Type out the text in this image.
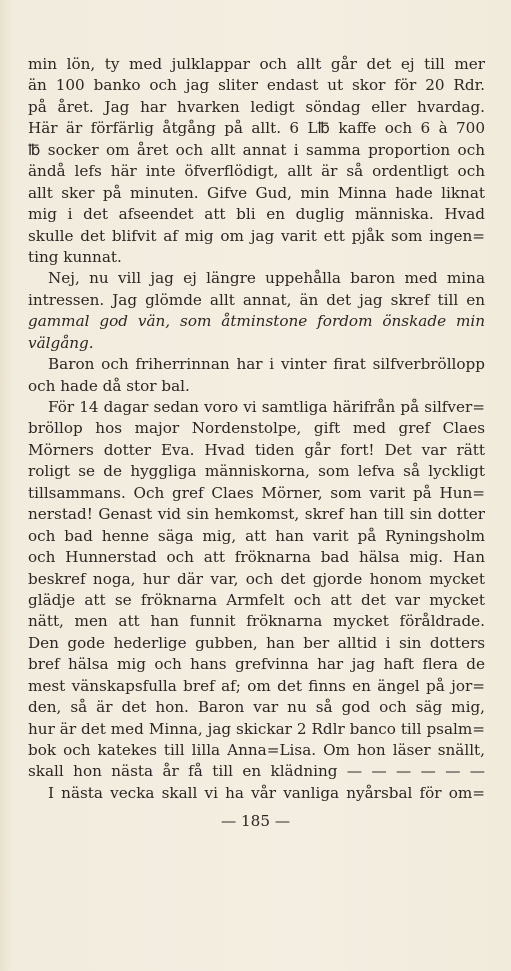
min lön, ty med julklappar och allt går det ej till mer
än 100 banko och jag sliter endast ut skor för 20 Rdr.
på året. Jag har hvarken ledigt söndag eller hvardag.
Här är förfärlig åtgång på allt. 6 L℔ kaffe och 6 à 700
℔ socker om året och allt annat i samma proportion och
ändå lefs här inte öfverflödigt, allt är så ordentligt och
allt sker på minuten. Gifve Gud, min Minna hade liknat
mig i det afseendet att bli en duglig människa. Hvad
skulle det blifvit af mig om jag varit ett pjåk som ingen=
ting kunnat.
Nej, nu vill jag ej längre uppehålla baron med mina
intressen. Jag glömde allt annat, än det jag skref till en
gammal god vän, som åtminstone fordom önskade min
välgång.
Baron och friherrinnan har i vinter firat silfverbröllopp
och hade då stor bal.
För 14 dagar sedan voro vi samtliga härifrån på silfver=
bröllop hos major Nordenstolpe, gift med gref Claes
Mörners dotter Eva. Hvad tiden går fort! Det var rätt
roligt se de hyggliga människorna, som lefva så lyckligt
tillsammans. Och gref Claes Mörner, som varit på Hun=
nerstad! Genast vid sin hemkomst, skref han till sin dotter
och bad henne säga mig, att han varit på Ryningsholm
och Hunnerstad och att fröknarna bad hälsa mig. Han
beskref noga, hur där var, och det gjorde honom mycket
glädje att se fröknarna Armfelt och att det var mycket
nätt, men att han funnit fröknarna mycket föråldrade.
Den gode hederlige gubben, han ber alltid i sin dotters
bref hälsa mig och hans grefvinna har jag haft flera de
mest vänskapsfulla bref af; om det finns en ängel på jor=
den, så är det hon. Baron var nu så god och säg mig,
hur är det med Minna, jag skickar 2 Rdlr banco till psalm=
bok och katekes till lilla Anna=Lisa. Om hon läser snällt,
skall hon nästa år få till en klädning — — — — — —
I nästa vecka skall vi ha vår vanliga nyårsbal för om=
— 185 —
